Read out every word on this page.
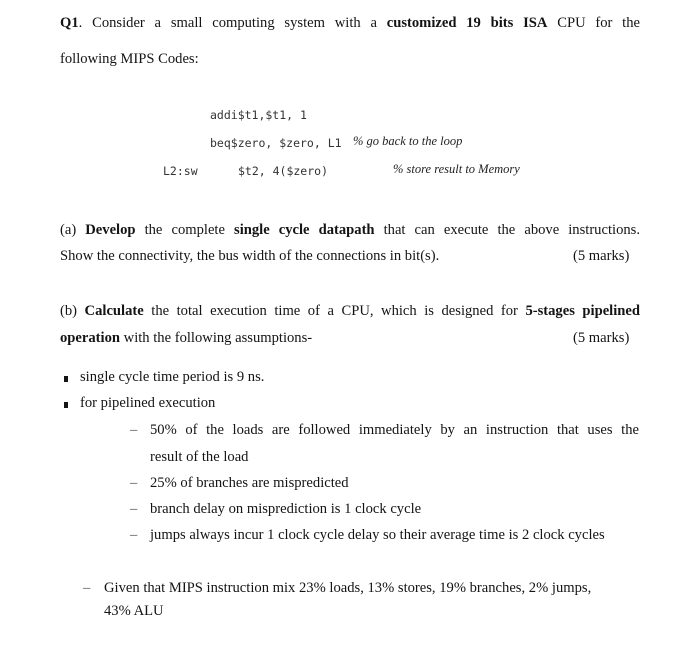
Q1. Consider a small computing system with a customized 19 bits ISA CPU for the
following MIPS Codes:
addi$t1,$t1, 1
beq$zero, $zero, L1 % go back to the loop
L2:sw	$t2, 4($zero)	% store result to Memory
(a) Develop the complete single cycle datapath that can execute the above instructions.
Show the connectivity, the bus width of the connections in bit(s).	(5 marks)
(b) Calculate the total execution time of a CPU, which is designed for 5-stages pipelined
operation with the following assumptions-	(5 marks)
single cycle time period is 9 ns.
for pipelined execution
– 50% of the loads are followed immediately by an instruction that uses the
result of the load
– 25% of branches are mispredicted
– branch delay on misprediction is 1 clock cycle
– jumps always incur 1 clock cycle delay so their average time is 2 clock cycles
– Given that MIPS instruction mix 23% loads, 13% stores, 19% branches, 2% jumps,
43% ALU
